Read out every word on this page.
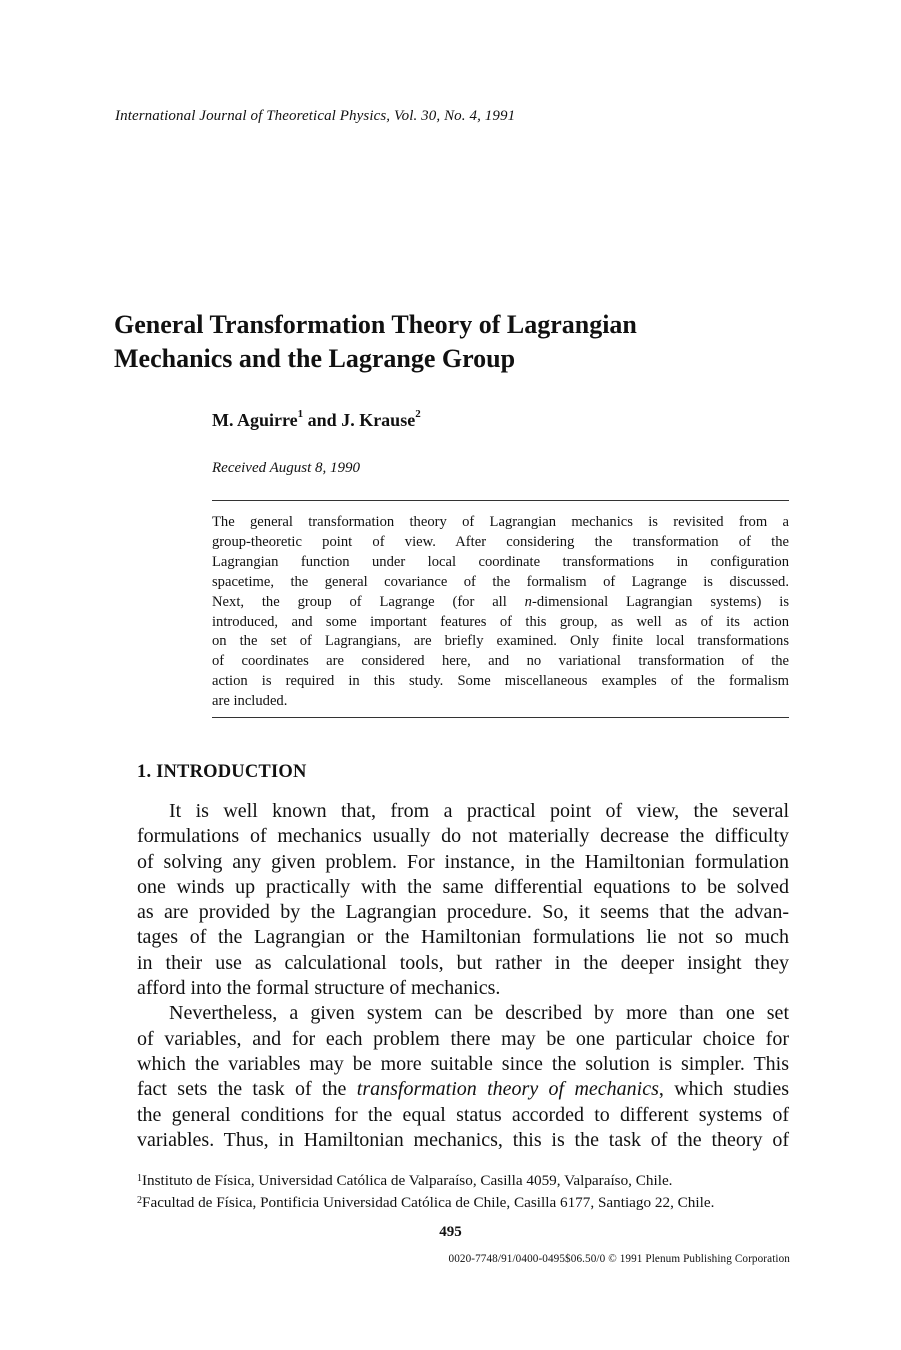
International Journal of Theoretical Physics, Vol. 30, No. 4, 1991
General Transformation Theory of Lagrangian
Mechanics and the Lagrange Group
M. Aguirre$^1$ and J. Krause$^2$
Received August 8, 1990

The general transformation theory of Lagrangian mechanics is revisited from a
group-theoretic point of view. After considering the transformation of the
Lagrangian function under local coordinate transformations in configuration
spacetime, the general covariance of the formalism of Lagrange is discussed.
Next, the group of Lagrange (for all n-dimensional Lagrangian systems) is
introduced, and some important features of this group, as well as of its action
on the set of Lagrangians, are briefly examined. Only finite local transformations
of coordinates are considered here, and no variational transformation of the
action is required in this study. Some miscellaneous examples of the formalism
are included.

1. INTRODUCTION
It is well known that, from a practical point of view, the several
formulations of mechanics usually do not materially decrease the difficulty
of solving any given problem. For instance, in the Hamiltonian formulation
one winds up practically with the same differential equations to be solved
as are provided by the Lagrangian procedure. So, it seems that the advan-
tages of the Lagrangian or the Hamiltonian formulations lie not so much
in their use as calculational tools, but rather in the deeper insight they
afford into the formal structure of mechanics.
Nevertheless, a given system can be described by more than one set
of variables, and for each problem there may be one particular choice for
which the variables may be more suitable since the solution is simpler. This
fact sets the task of the transformation theory of mechanics, which studies
the general conditions for the equal status accorded to different systems of
variables. Thus, in Hamiltonian mechanics, this is the task of the theory of
$^1$Instituto de Física, Universidad Católica de Valparaíso, Casilla 4059, Valparaíso, Chile.
$^2$Facultad de Física, Pontificia Universidad Católica de Chile, Casilla 6177, Santiago 22, Chile.
495
0020-7748/91/0400-0495$06.50/0 © 1991 Plenum Publishing Corporation
